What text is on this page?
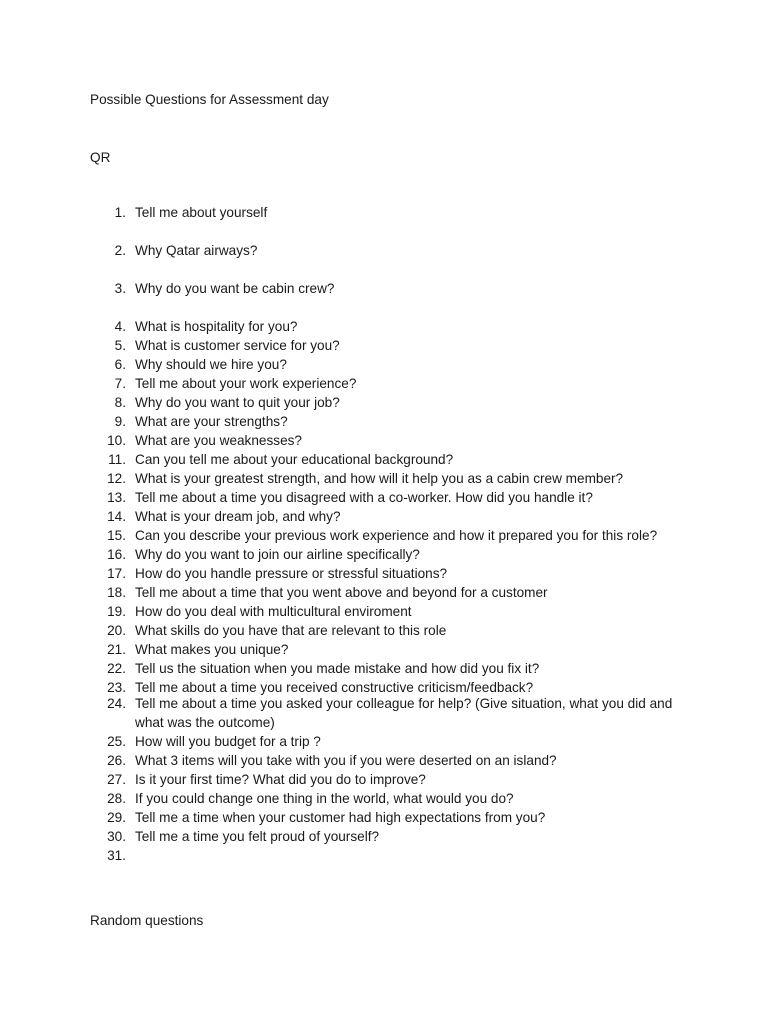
Possible Questions for Assessment day
QR
1. Tell me about yourself
2. Why Qatar airways?
3. Why do you want be cabin crew?
4. What is hospitality for you?
5. What is customer service for you?
6. Why should we hire you?
7. Tell me about your work experience?
8. Why do you want to quit your job?
9. What are your strengths?
10. What are you weaknesses?
11. Can you tell me about your educational background?
12. What is your greatest strength, and how will it help you as a cabin crew member?
13. Tell me about a time you disagreed with a co-worker. How did you handle it?
14. What is your dream job, and why?
15. Can you describe your previous work experience and how it prepared you for this role?
16. Why do you want to join our airline specifically?
17. How do you handle pressure or stressful situations?
18. Tell me about a time that you went above and beyond for a customer
19. How do you deal with multicultural enviroment
20. What skills do you have that are relevant to this role
21. What makes you unique?
22. Tell us the situation when you made mistake and how did you fix it?
23. Tell me about a time you received constructive criticism/feedback?
24. Tell me about a time you asked your colleague for help? (Give situation, what you did and what was the outcome)
25. How will you budget for a trip ?
26. What 3 items will you take with you if you were deserted on an island?
27. Is it your first time? What did you do to improve?
28. If you could change one thing in the world, what would you do?
29. Tell me a time when your customer had high expectations from you?
30. Tell me a time you felt proud of yourself?
31.
Random questions
